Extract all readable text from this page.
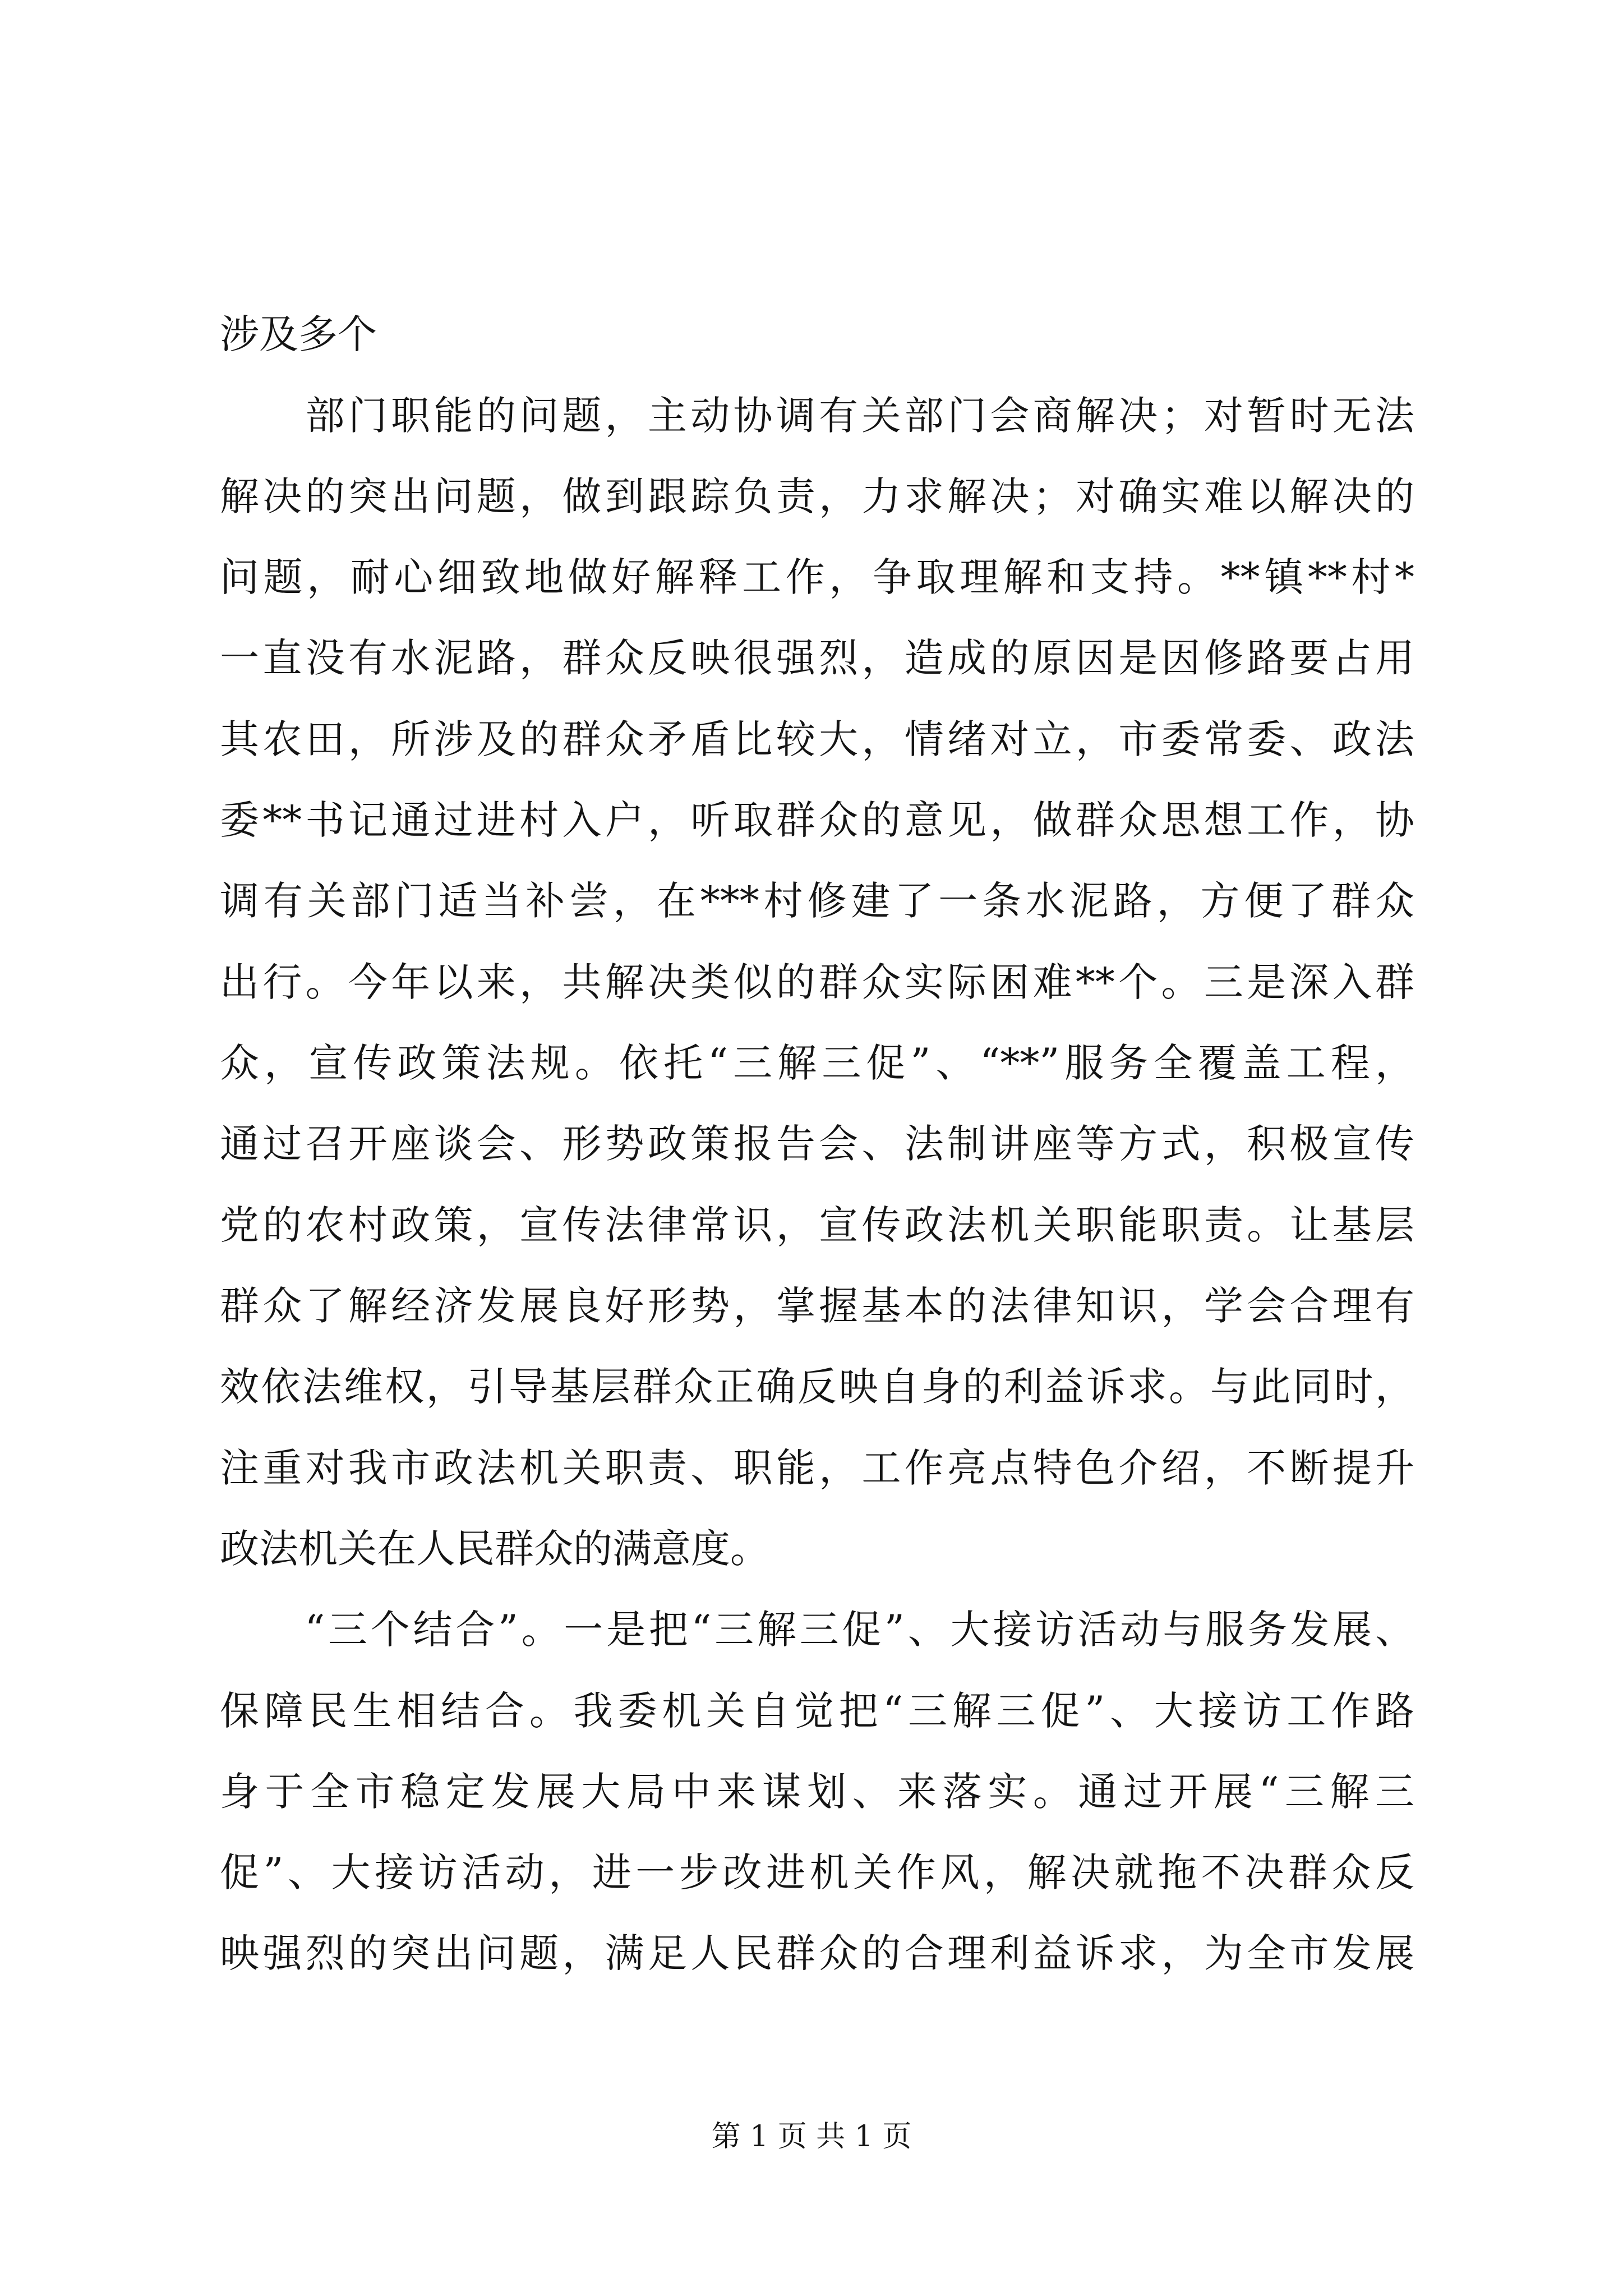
涉及多个
　　部门职能的问题，主动协调有关部门会商解决；对暂时无法
解决的突出问题，做到跟踪负责，力求解决；对确实难以解决的
问题，耐心细致地做好解释工作，争取理解和支持。**镇**村*
一直没有水泥路，群众反映很强烈，造成的原因是因修路要占用
其农田，所涉及的群众矛盾比较大，情绪对立，市委常委、政法
委**书记通过进村入户，听取群众的意见，做群众思想工作，协
调有关部门适当补尝，在***村修建了一条水泥路，方便了群众
出行。今年以来，共解决类似的群众实际困难**个。三是深入群
众，宣传政策法规。依托“三解三促”、“**”服务全覆盖工程，
通过召开座谈会、形势政策报告会、法制讲座等方式，积极宣传
党的农村政策，宣传法律常识，宣传政法机关职能职责。让基层
群众了解经济发展良好形势，掌握基本的法律知识，学会合理有
效依法维权，引导基层群众正确反映自身的利益诉求。与此同时，
注重对我市政法机关职责、职能，工作亮点特色介绍，不断提升
政法机关在人民群众的满意度。
　　“三个结合”。一是把“三解三促”、大接访活动与服务发展、
保障民生相结合。我委机关自觉把“三解三促”、大接访工作路
身于全市稳定发展大局中来谋划、来落实。通过开展“三解三
促”、大接访活动，进一步改进机关作风，解决就拖不决群众反
映强烈的突出问题，满足人民群众的合理利益诉求，为全市发展
第 1 页 共 1 页
